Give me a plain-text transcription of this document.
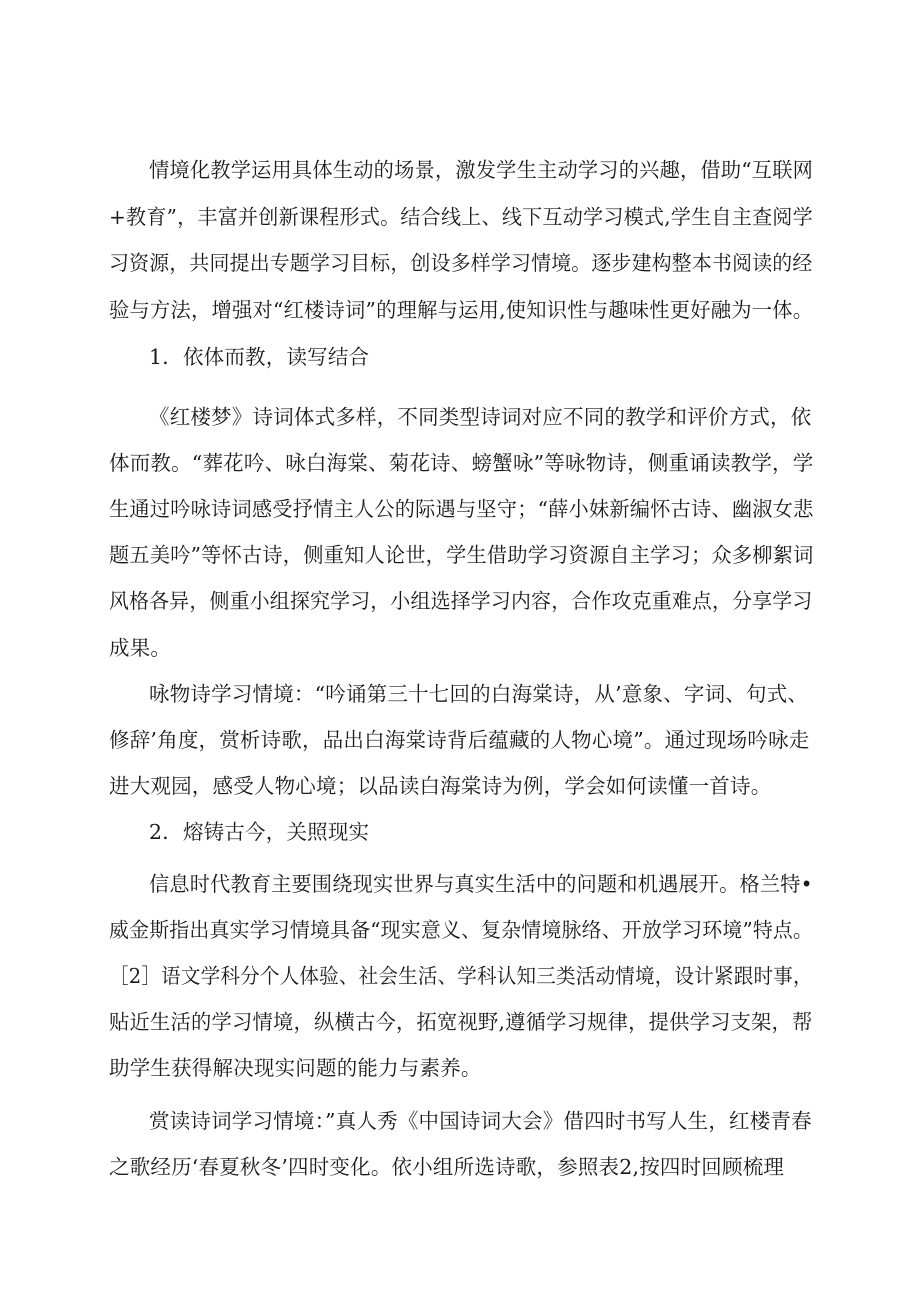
情境化教学运用具体生动的场景，激发学生主动学习的兴趣，借助“互联网
+教育”，丰富并创新课程形式。结合线上、线下互动学习模式,学生自主查阅学
习资源，共同提出专题学习目标，创设多样学习情境。逐步建构整本书阅读的经
验与方法，增强对“红楼诗词”的理解与运用,使知识性与趣味性更好融为一体。
1．依体而教，读写结合
《红楼梦》诗词体式多样，不同类型诗词对应不同的教学和评价方式，依
体而教。“葬花吟、咏白海棠、菊花诗、螃蟹咏”等咏物诗，侧重诵读教学，学
生通过吟咏诗词感受抒情主人公的际遇与坚守；“薛小妹新编怀古诗、幽淑女悲
题五美吟”等怀古诗，侧重知人论世，学生借助学习资源自主学习；众多柳絮词
风格各异，侧重小组探究学习，小组选择学习内容，合作攻克重难点，分享学习
成果。
咏物诗学习情境：“吟诵第三十七回的白海棠诗，从’意象、字词、句式、
修辞’角度，赏析诗歌，品出白海棠诗背后蕴藏的人物心境”。通过现场吟咏走
进大观园，感受人物心境；以品读白海棠诗为例，学会如何读懂一首诗。
2．熔铸古今，关照现实
信息时代教育主要围绕现实世界与真实生活中的问题和机遇展开。格兰特•
威金斯指出真实学习情境具备“现实意义、复杂情境脉络、开放学习环境”特点。
［2］语文学科分个人体验、社会生活、学科认知三类活动情境，设计紧跟时事，
贴近生活的学习情境，纵横古今，拓宽视野,遵循学习规律，提供学习支架，帮
助学生获得解决现实问题的能力与素养。
赏读诗词学习情境：”真人秀《中国诗词大会》借四时书写人生，红楼青春
之歌经历‘春夏秋冬’四时变化。依小组所选诗歌，参照表2,按四时回顾梳理
